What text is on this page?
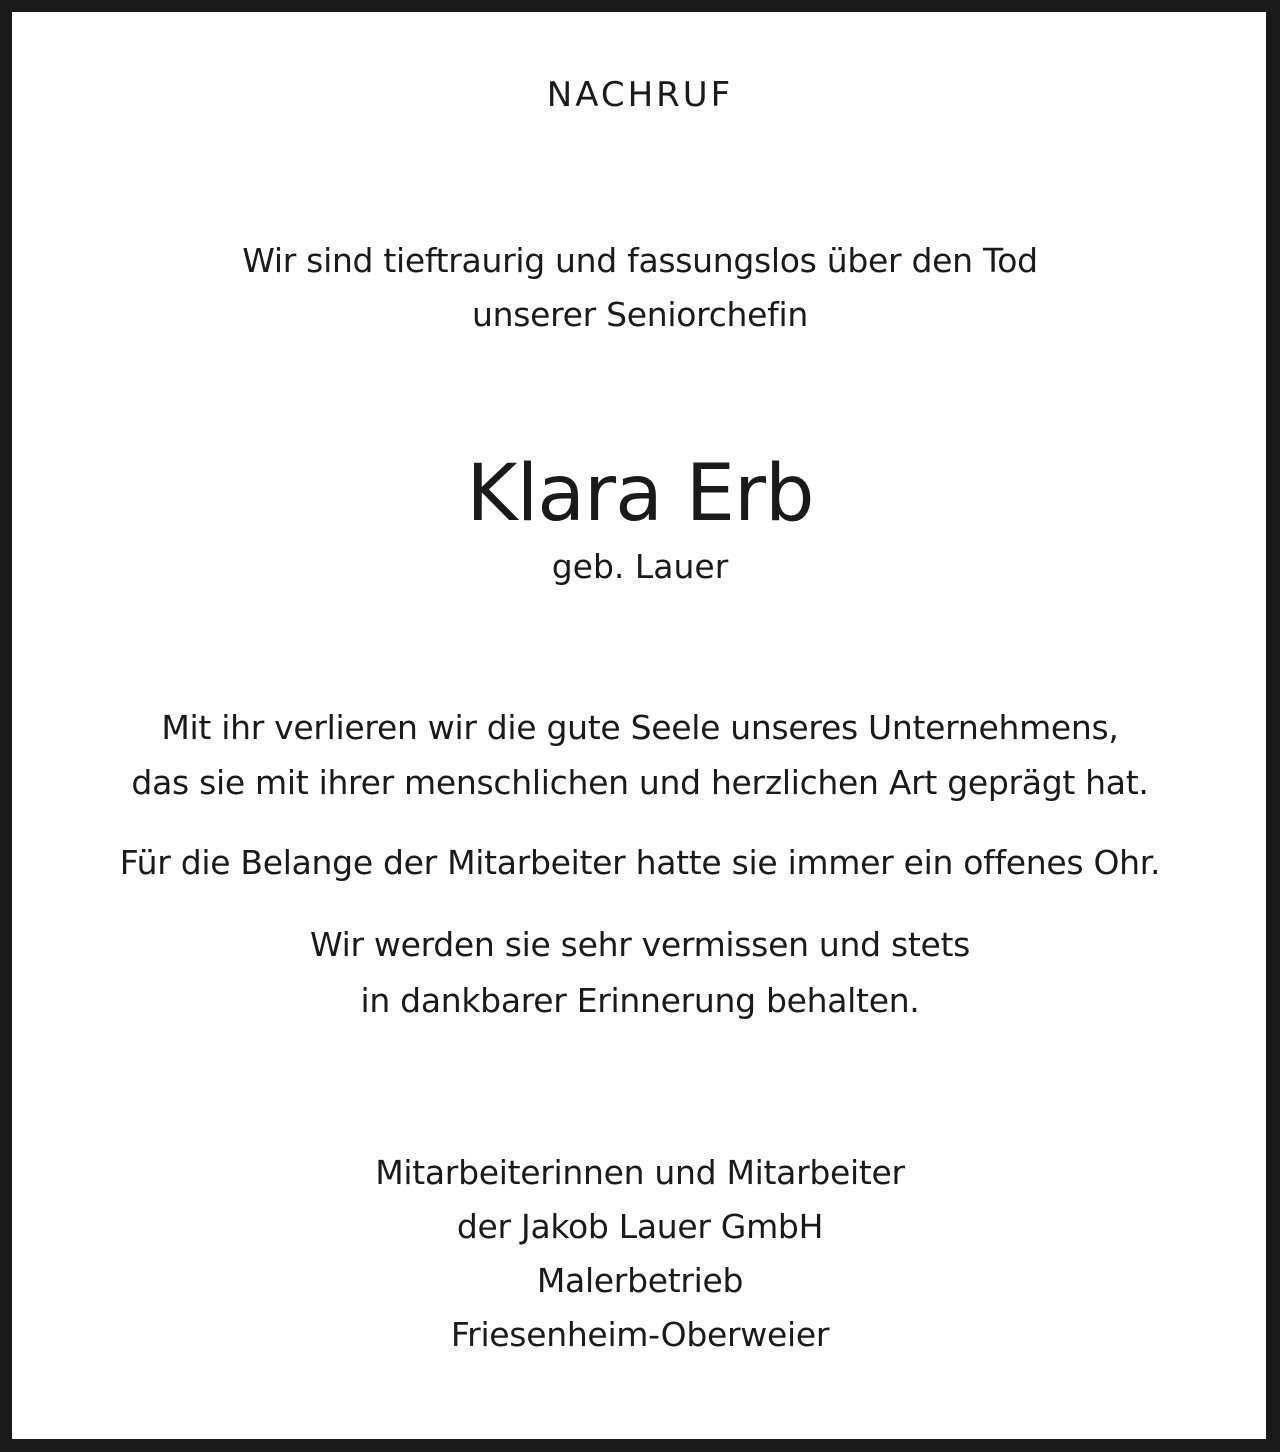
NACHRUF

Wir sind tieftraurig und fassungslos über den Tod

unserer Seniorchefin

Klara Erb

geb. Lauer

Mit ihr verlieren wir die gute Seele unseres Unternehmens,

das sie mit ihrer menschlichen und herzlichen Art geprägt hat.

Für die Belange der Mitarbeiter hatte sie immer ein offenes Ohr.

Wir werden sie sehr vermissen und stets

in dankbarer Erinnerung behalten.

Mitarbeiterinnen und Mitarbeiter

der Jakob Lauer GmbH

Malerbetrieb

Friesenheim-Oberweier
